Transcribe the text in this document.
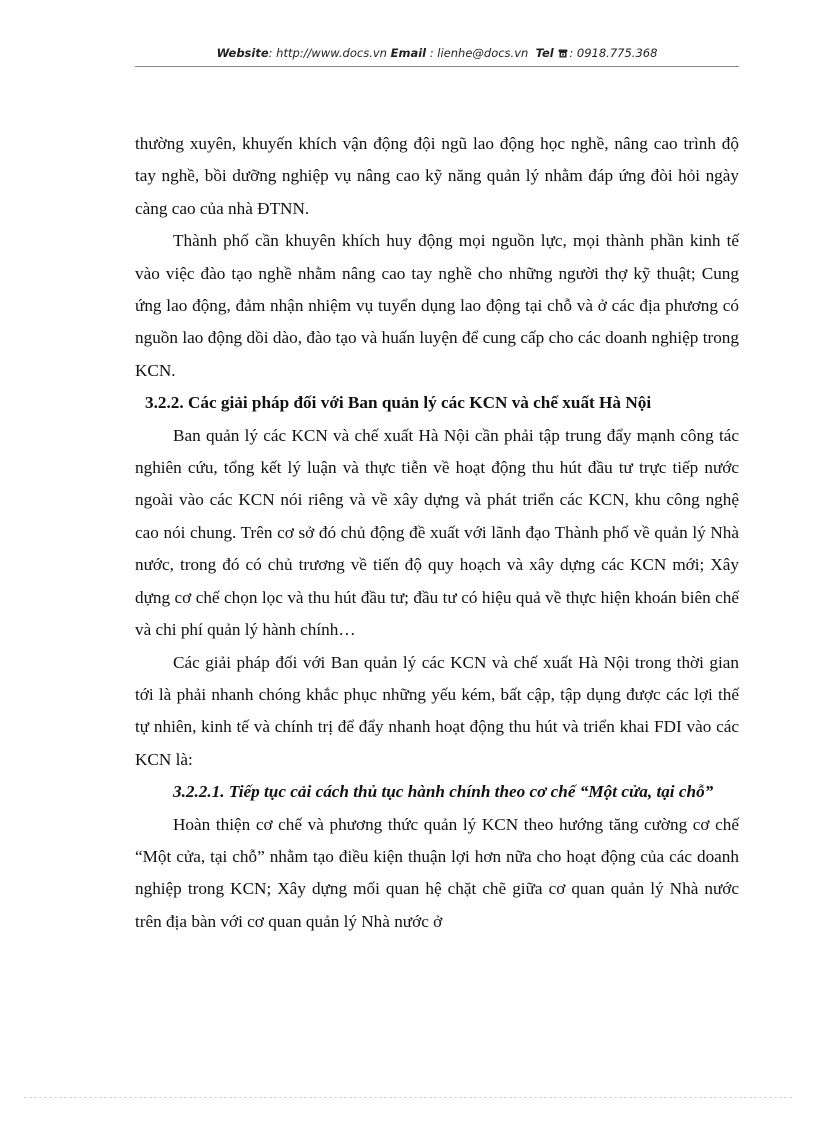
Website: http://www.docs.vn Email : lienhe@docs.vn Tel : 0918.775.368

thường xuyên, khuyến khích vận động đội ngũ lao động học nghề, nâng cao trình độ tay nghề, bồi dưỡng nghiệp vụ nâng cao kỹ năng quản lý nhằm đáp ứng đòi hỏi ngày càng cao của nhà ĐTNN.

Thành phố cần khuyên khích huy động mọi nguồn lực, mọi thành phần kinh tế vào việc đào tạo nghề nhằm nâng cao tay nghề cho những người thợ kỹ thuật; Cung ứng lao động, đảm nhận nhiệm vụ tuyển dụng lao động tại chỗ và ở các địa phương có nguồn lao động dồi dào, đào tạo và huấn luyện để cung cấp cho các doanh nghiệp trong KCN.

3.2.2. Các giải pháp đối với Ban quản lý các KCN và chế xuất Hà Nội

Ban quản lý các KCN và chế xuất Hà Nội cần phải tập trung đẩy mạnh công tác nghiên cứu, tổng kết lý luận và thực tiễn về hoạt động thu hút đầu tư trực tiếp nước ngoài vào các KCN nói riêng và về xây dựng và phát triển các KCN, khu công nghệ cao nói chung. Trên cơ sở đó chủ động đề xuất với lãnh đạo Thành phố về quản lý Nhà nước, trong đó có chủ trương về tiến độ quy hoạch và xây dựng các KCN mới; Xây dựng cơ chế chọn lọc và thu hút đầu tư; đầu tư có hiệu quả về thực hiện khoán biên chế và chi phí quản lý hành chính…

Các giải pháp đối với Ban quản lý các KCN và chế xuất Hà Nội trong thời gian tới là phải nhanh chóng khắc phục những yếu kém, bất cập, tập dụng được các lợi thế tự nhiên, kinh tế và chính trị để đẩy nhanh hoạt động thu hút và triển khai FDI vào các KCN là:

3.2.2.1. Tiếp tục cải cách thủ tục hành chính theo cơ chế “Một cửa, tại chỗ”

Hoàn thiện cơ chế và phương thức quản lý KCN theo hướng tăng cường cơ chế “Một cửa, tại chỗ” nhằm tạo điều kiện thuận lợi hơn nữa cho hoạt động của các doanh nghiệp trong KCN; Xây dựng mối quan hệ chặt chẽ giữa cơ quan quản lý Nhà nước trên địa bàn với cơ quan quản lý Nhà nước ở
